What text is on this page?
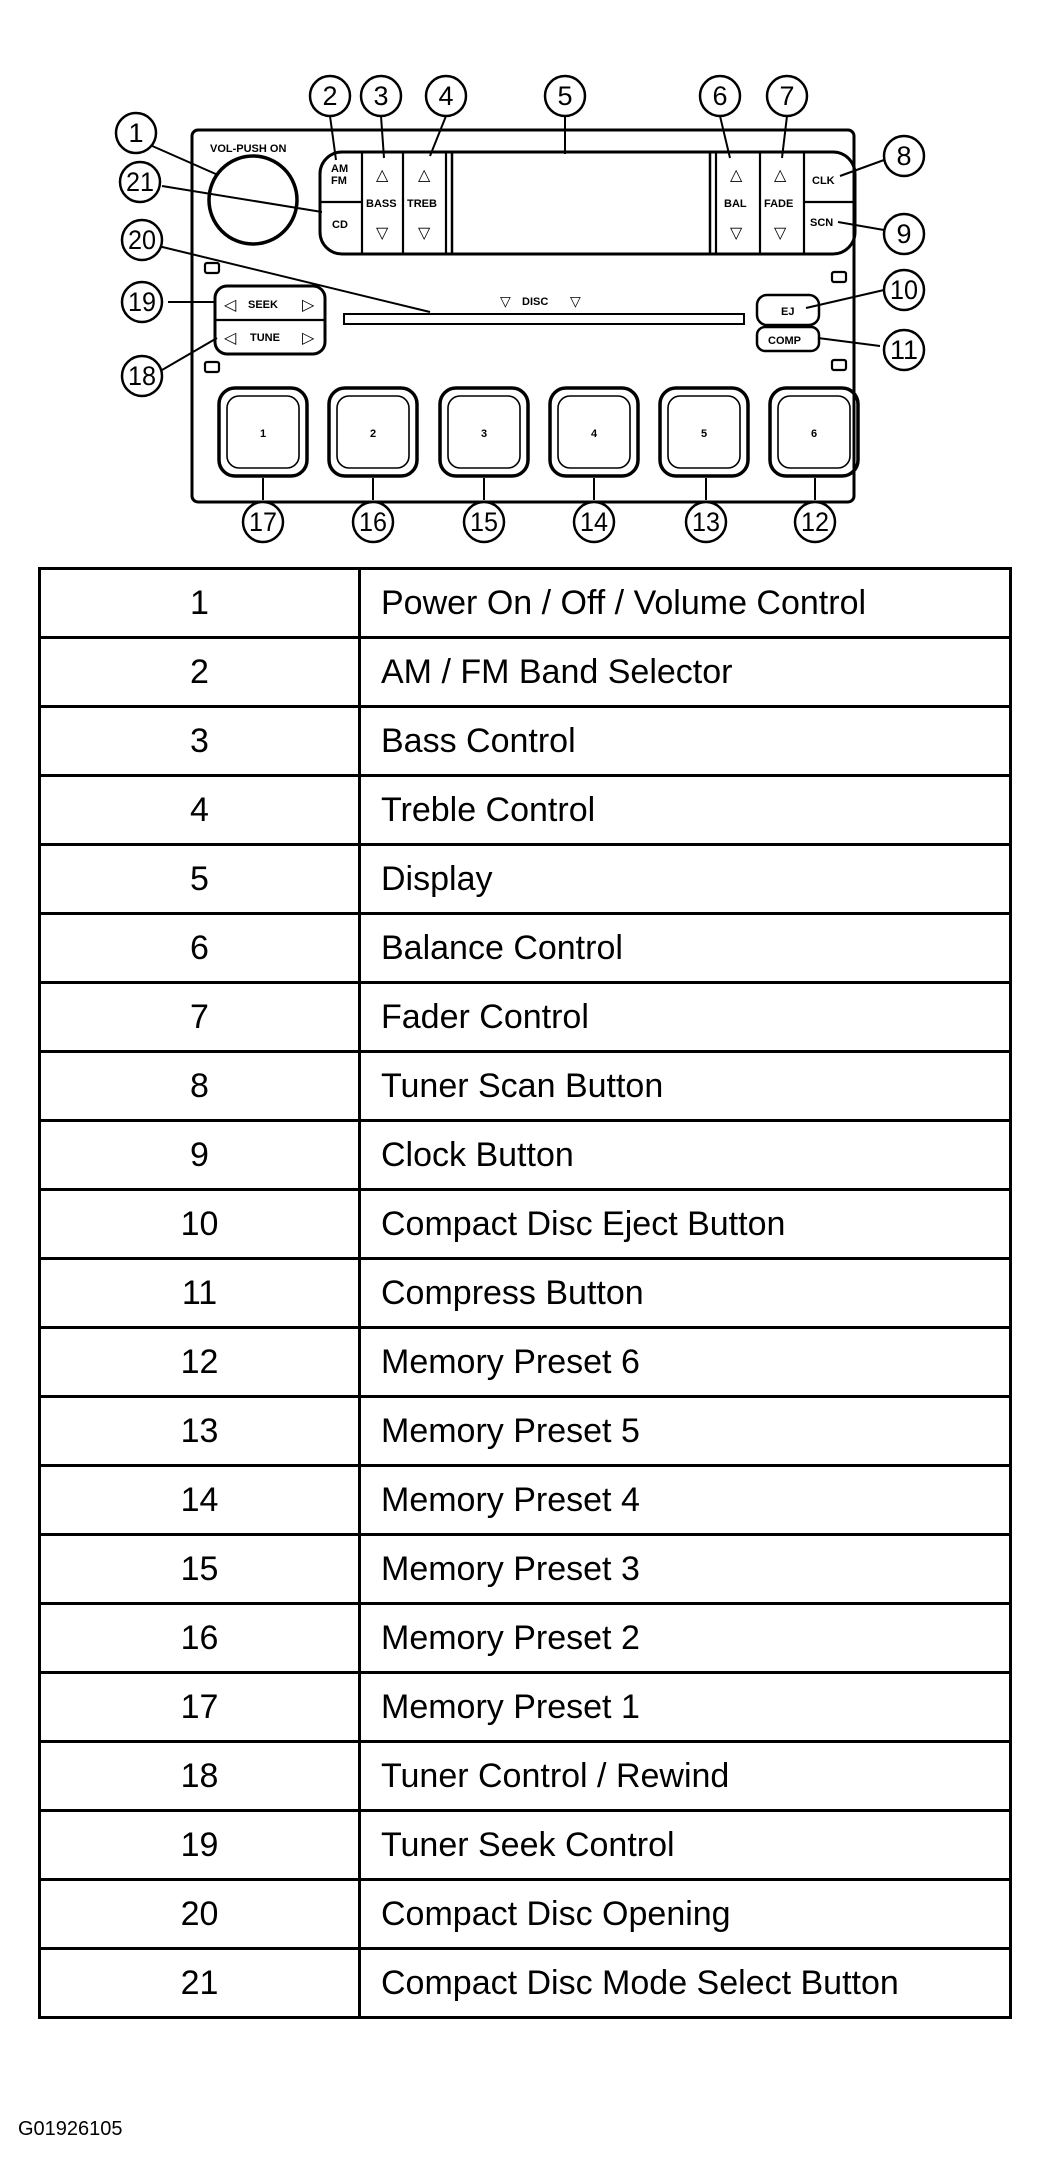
VOL-PUSH ON
AM
FM
CD
△
BASS
▽
△
TREB
▽
△
BAL
▽
△
FADE
▽
CLK
SCN
◁ SEEK ▷
◁ TUNE ▷
▽ DISC ▽
EJ
COMP
1	2	3	4	5	6
1
2 3 4	5	6 7
8
9
10
11
12
13
14
15
16
17
18
19
20
21
1	Power On / Off / Volume Control
2	AM / FM Band Selector
3	Bass Control
4	Treble Control
5	Display
6	Balance Control
7	Fader Control
8	Tuner Scan Button
9	Clock Button
10	Compact Disc Eject Button
11	Compress Button
12	Memory Preset 6
13	Memory Preset 5
14	Memory Preset 4
15	Memory Preset 3
16	Memory Preset 2
17	Memory Preset 1
18	Tuner Control / Rewind
19	Tuner Seek Control
20	Compact Disc Opening
21	Compact Disc Mode Select Button
G01926105
